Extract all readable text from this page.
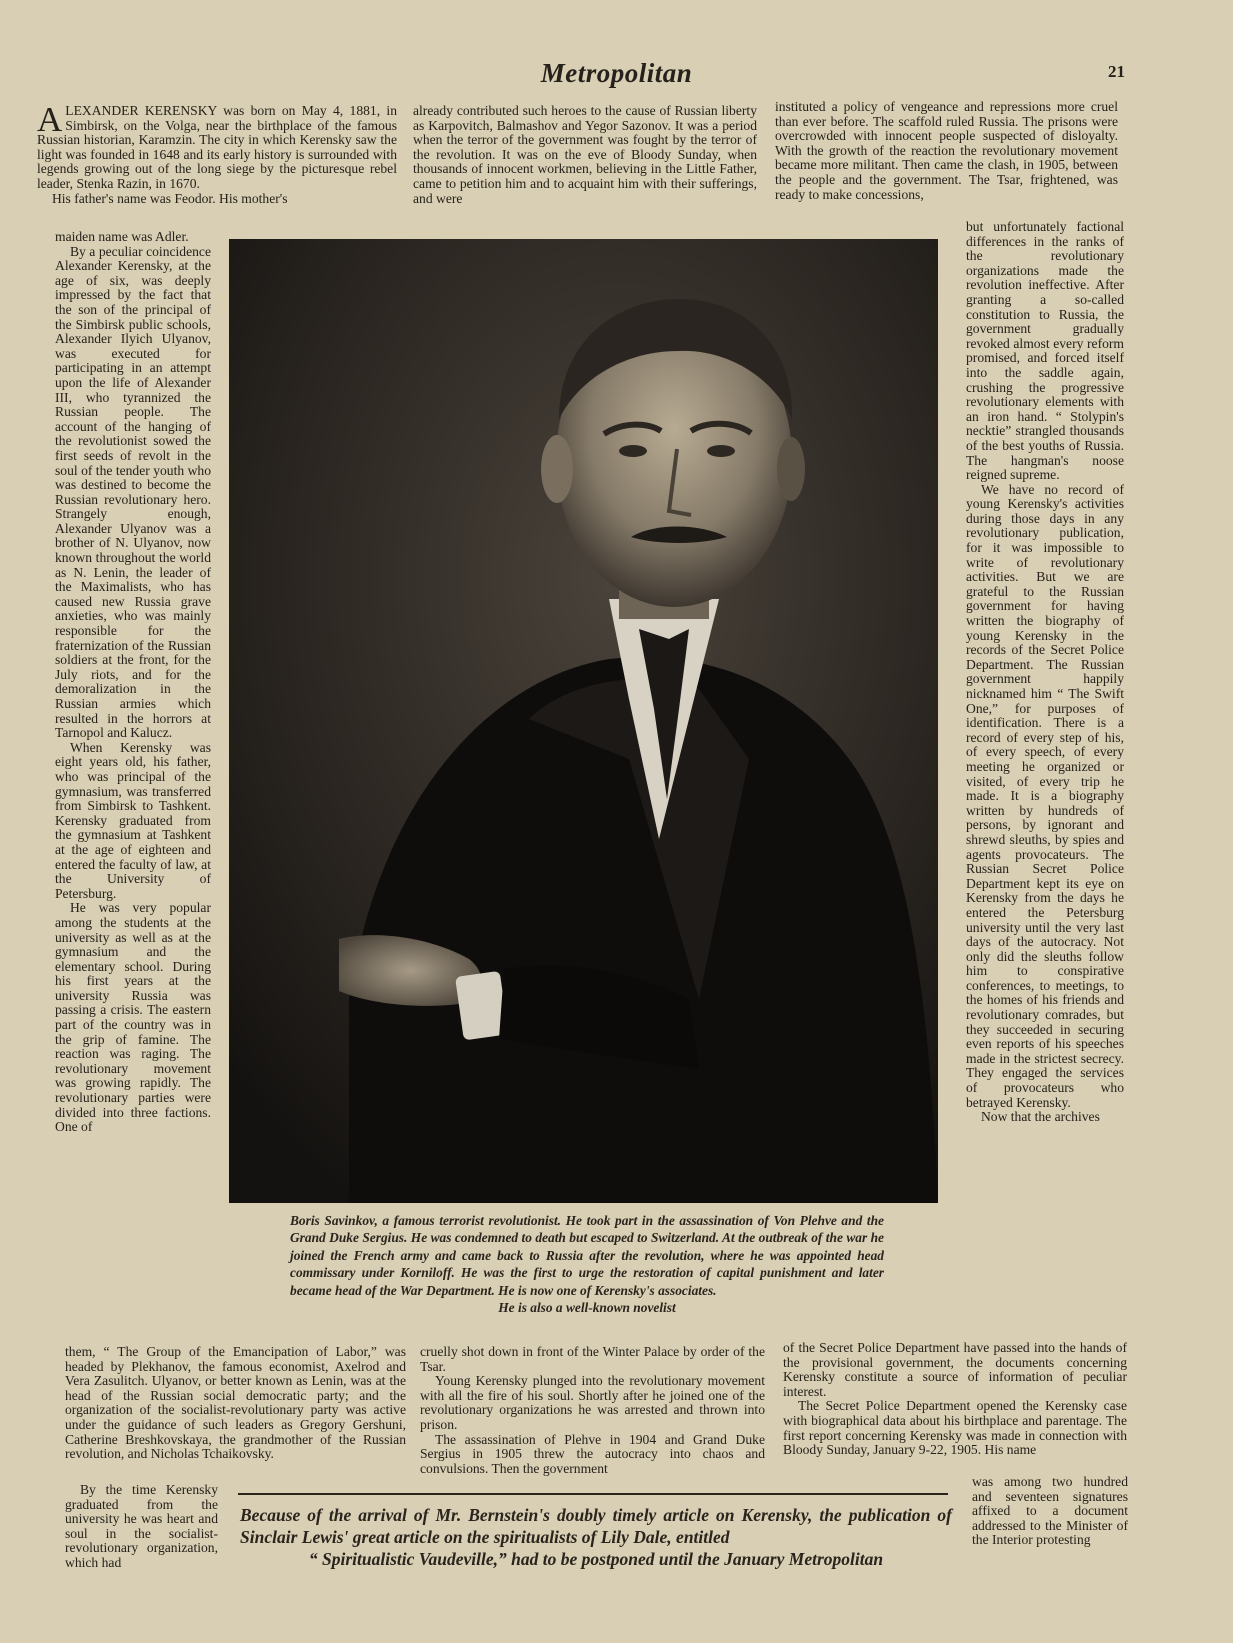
Metropolitan	21

ALEXANDER KERENSKY was born on May 4, 1881, in Simbirsk, on the Volga, near the birthplace of the famous Russian historian, Karamzin. The city in which Kerensky saw the light was founded in 1648 and its early history is surrounded with legends growing out of the long siege by the picturesque rebel leader, Stenka Razin, in 1670.

His father's name was Feodor. His mother's

maiden name was Adler.

By a peculiar coincidence Alexander Kerensky, at the age of six, was deeply impressed by the fact that the son of the principal of the Simbirsk public schools, Alexander Ilyich Ulyanov, was executed for participating in an attempt upon the life of Alexander III, who tyrannized the Russian people. The account of the hanging of the revolutionist sowed the first seeds of revolt in the soul of the tender youth who was destined to become the Russian revolutionary hero. Strangely enough, Alexander Ulyanov was a brother of N. Ulyanov, now known throughout the world as N. Lenin, the leader of the Maximalists, who has caused new Russia grave anxieties, who was mainly responsible for the fraternization of the Russian soldiers at the front, for the July riots, and for the demoralization in the Russian armies which resulted in the horrors at Tarnopol and Kalucz.

When Kerensky was eight years old, his father, who was principal of the gymnasium, was transferred from Simbirsk to Tashkent. Kerensky graduated from the gymnasium at Tashkent at the age of eighteen and entered the faculty of law, at the University of Petersburg.

He was very popular among the students at the university as well as at the gymnasium and the elementary school. During his first years at the university Russia was passing a crisis. The eastern part of the country was in the grip of famine. The reaction was raging. The revolutionary movement was growing rapidly. The revolutionary parties were divided into three factions. One of

them, “ The Group of the Emancipation of Labor,” was headed by Plekhanov, the famous economist, Axelrod and Vera Zasulitch. Ulyanov, or better known as Lenin, was at the head of the Russian social democratic party; and the organization of the socialist-revolutionary party was active under the guidance of such leaders as Gregory Gershuni, Catherine Breshkovskaya, the grandmother of the Russian revolution, and Nicholas Tchaikovsky.

By the time Kerensky graduated from the university he was heart and soul in the socialist-revolutionary organization, which had

already contributed such heroes to the cause of Russian liberty as Karpovitch, Balmashov and Yegor Sazonov. It was a period when the terror of the government was fought by the terror of the revolution. It was on the eve of Bloody Sunday, when thousands of innocent workmen, believing in the Little Father, came to petition him and to acquaint him with their sufferings, and were

cruelly shot down in front of the Winter Palace by order of the Tsar.

Young Kerensky plunged into the revolutionary movement with all the fire of his soul. Shortly after he joined one of the revolutionary organizations he was arrested and thrown into prison.

The assassination of Plehve in 1904 and Grand Duke Sergius in 1905 threw the autocracy into chaos and convulsions. Then the government

instituted a policy of vengeance and repressions more cruel than ever before. The scaffold ruled Russia. The prisons were overcrowded with innocent people suspected of disloyalty. With the growth of the reaction the revolutionary movement became more militant. Then came the clash, in 1905, between the people and the government. The Tsar, frightened, was ready to make concessions,

but unfortunately factional differences in the ranks of the revolutionary organizations made the revolution ineffective. After granting a so-called constitution to Russia, the government gradually revoked almost every reform promised, and forced itself into the saddle again, crushing the progressive revolutionary elements with an iron hand. “ Stolypin's necktie” strangled thousands of the best youths of Russia. The hangman's noose reigned supreme.

We have no record of young Kerensky's activities during those days in any revolutionary publication, for it was impossible to write of revolutionary activities. But we are grateful to the Russian government for having written the biography of young Kerensky in the records of the Secret Police Department. The Russian government happily nicknamed him “ The Swift One,” for purposes of identification. There is a record of every step of his, of every speech, of every meeting he organized or visited, of every trip he made. It is a biography written by hundreds of persons, by ignorant and shrewd sleuths, by spies and agents provocateurs. The Russian Secret Police Department kept its eye on Kerensky from the days he entered the Petersburg university until the very last days of the autocracy. Not only did the sleuths follow him to conspirative conferences, to meetings, to the homes of his friends and revolutionary comrades, but they succeeded in securing even reports of his speeches made in the strictest secrecy. They engaged the services of provocateurs who betrayed Kerensky.

Now that the archives

of the Secret Police Department have passed into the hands of the provisional government, the documents concerning Kerensky constitute a source of information of peculiar interest.

The Secret Police Department opened the Kerensky case with biographical data about his birthplace and parentage. The first report concerning Kerensky was made in connection with Bloody Sunday, January 9-22, 1905. His name

was among two hundred and seventeen signatures affixed to a document addressed to the Minister of the Interior protesting

Boris Savinkov, a famous terrorist revolutionist. He took part in the assassination of Von Plehve and the Grand Duke Sergius. He was condemned to death but escaped to Switzerland. At the outbreak of the war he joined the French army and came back to Russia after the revolution, where he was appointed head commissary under Korniloff. He was the first to urge the restoration of capital punishment and later became head of the War Department. He is now one of Kerensky's associates.
He is also a well-known novelist
Because of the arrival of Mr. Bernstein's doubly timely article on Kerensky, the publication of Sinclair Lewis' great article on the spiritualists of Lily Dale, entitled
“ Spiritualistic Vaudeville,” had to be postponed until the January Metropolitan
